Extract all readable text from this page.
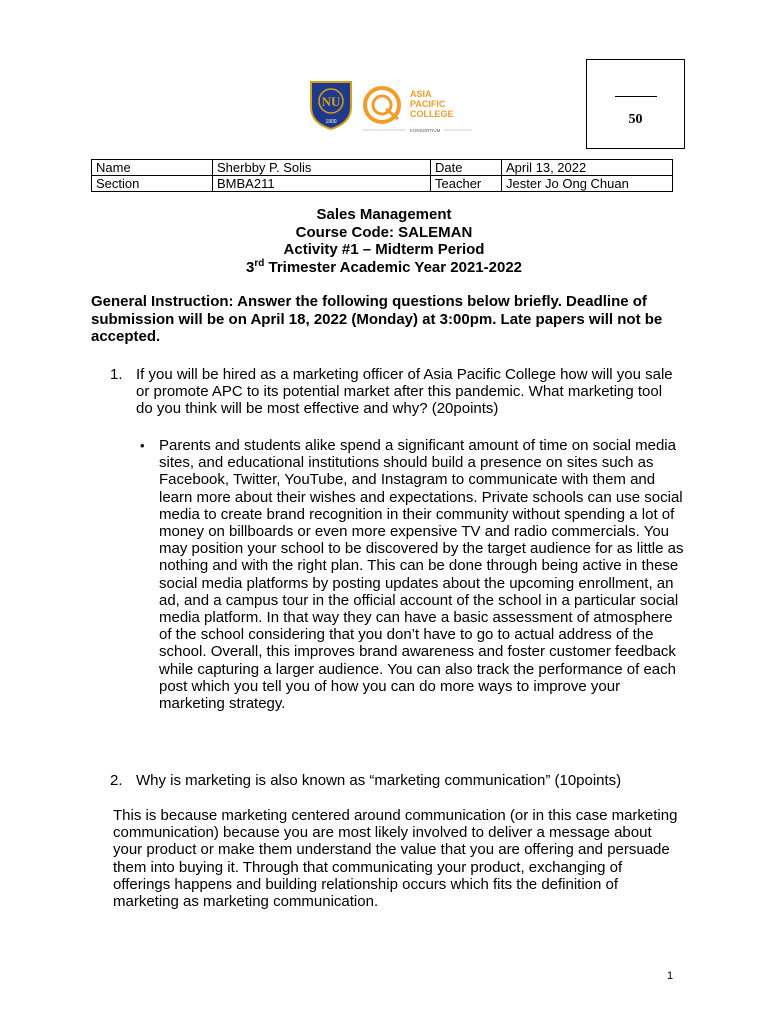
NU
1900
ASIA
PACIFIC
COLLEGE
CONSORTIUM
50
Name	Sherbby P. Solis	Date	April 13, 2022
Section	BMBA211	Teacher	Jester Jo Ong Chuan
Sales Management
Course Code: SALEMAN
Activity #1 – Midterm Period
3rd Trimester Academic Year 2021-2022
General Instruction: Answer the following questions below briefly. Deadline of submission will be on April 18, 2022 (Monday) at 3:00pm. Late papers will not be accepted.
1. If you will be hired as a marketing officer of Asia Pacific College how will you sale or promote APC to its potential market after this pandemic. What marketing tool do you think will be most effective and why? (20points)
• Parents and students alike spend a significant amount of time on social media sites, and educational institutions should build a presence on sites such as Facebook, Twitter, YouTube, and Instagram to communicate with them and learn more about their wishes and expectations. Private schools can use social media to create brand recognition in their community without spending a lot of money on billboards or even more expensive TV and radio commercials. You may position your school to be discovered by the target audience for as little as nothing and with the right plan. This can be done through being active in these social media platforms by posting updates about the upcoming enrollment, an ad, and a campus tour in the official account of the school in a particular social media platform. In that way they can have a basic assessment of atmosphere of the school considering that you don’t have to go to actual address of the school. Overall, this improves brand awareness and foster customer feedback while capturing a larger audience. You can also track the performance of each post which you tell you of how you can do more ways to improve your marketing strategy.
2. Why is marketing is also known as “marketing communication” (10points)
This is because marketing centered around communication (or in this case marketing communication) because you are most likely involved to deliver a message about your product or make them understand the value that you are offering and persuade them into buying it. Through that communicating your product, exchanging of offerings happens and building relationship occurs which fits the definition of marketing as marketing communication.
1
